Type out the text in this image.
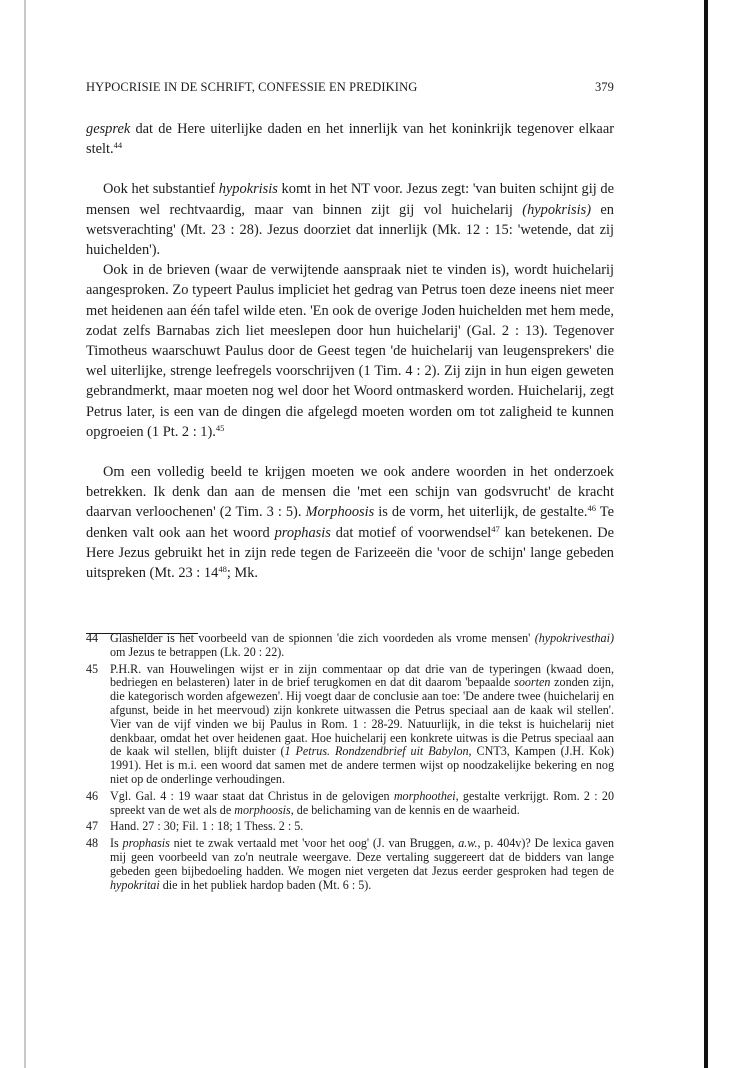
HYPOCRISIE IN DE SCHRIFT, CONFESSIE EN PREDIKING	379

gesprek dat de Here uiterlijke daden en het innerlijk van het koninkrijk tegenover elkaar stelt.$^{44}$

Ook het substantief hypokrisis komt in het NT voor. Jezus zegt: 'van buiten schijnt gij de mensen wel rechtvaardig, maar van binnen zijt gij vol huichelarij (hypokrisis) en wetsverachting' (Mt. 23 : 28). Jezus doorziet dat innerlijk (Mk. 12 : 15: 'wetende, dat zij huichelden').

Ook in de brieven (waar de verwijtende aanspraak niet te vinden is), wordt huichelarij aangesproken. Zo typeert Paulus impliciet het gedrag van Petrus toen deze ineens niet meer met heidenen aan één tafel wilde eten. 'En ook de overige Joden huichelden met hem mede, zodat zelfs Barnabas zich liet meeslepen door hun huichelarij' (Gal. 2 : 13). Tegenover Timotheus waarschuwt Paulus door de Geest tegen 'de huichelarij van leugensprekers' die wel uiterlijke, strenge leefregels voorschrijven (1 Tim. 4 : 2). Zij zijn in hun eigen geweten gebrandmerkt, maar moeten nog wel door het Woord ontmaskerd worden. Huichelarij, zegt Petrus later, is een van de dingen die afgelegd moeten worden om tot zaligheid te kunnen opgroeien (1 Pt. 2 : 1).$^{45}$

Om een volledig beeld te krijgen moeten we ook andere woorden in het onderzoek betrekken. Ik denk dan aan de mensen die 'met een schijn van godsvrucht' de kracht daarvan verloochenen' (2 Tim. 3 : 5). Morphoosis is de vorm, het uiterlijk, de gestalte.$^{46}$ Te denken valt ook aan het woord prophasis dat motief of voorwendsel$^{47}$ kan betekenen. De Here Jezus gebruikt het in zijn rede tegen de Farizeeën die 'voor de schijn' lange gebeden uitspreken (Mt. 23 : $14^{48}$; Mk.

44 Glashelder is het voorbeeld van de spionnen 'die zich voordeden als vrome mensen' (hypokrivesthai) om Jezus te betrappen (Lk. 20 : 22).
45 P.H.R. van Houwelingen wijst er in zijn commentaar op dat drie van de typeringen (kwaad doen, bedriegen en belasteren) later in de brief terugkomen en dat dit daarom 'bepaalde soorten zonden zijn, die kategorisch worden afgewezen'. Hij voegt daar de conclusie aan toe: 'De andere twee (huichelarij en afgunst, beide in het meervoud) zijn konkrete uitwassen die Petrus speciaal aan de kaak wil stellen'. Vier van de vijf vinden we bij Paulus in Rom. 1 : 28-29. Natuurlijk, in die tekst is huichelarij niet denkbaar, omdat het over heidenen gaat. Hoe huichelarij een konkrete uitwas is die Petrus speciaal aan de kaak wil stellen, blijft duister (1 Petrus. Rondzendbrief uit Babylon, CNT3, Kampen (J.H. Kok) 1991). Het is m.i. een woord dat samen met de andere termen wijst op noodzakelijke bekering en nog niet op de onderlinge verhoudingen.
46 Vgl. Gal. 4 : 19 waar staat dat Christus in de gelovigen morphoothei, gestalte verkrijgt. Rom. 2 : 20 spreekt van de wet als de morphoosis, de belichaming van de kennis en de waarheid.
47 Hand. 27 : 30; Fil. 1 : 18; 1 Thess. 2 : 5.
48 Is prophasis niet te zwak vertaald met 'voor het oog' (J. van Bruggen, a.w., p. 404v)? De lexica gaven mij geen voorbeeld van zo'n neutrale weergave. Deze vertaling suggereert dat de bidders van lange gebeden geen bijbedoeling hadden. We mogen niet vergeten dat Jezus eerder gesproken had tegen de hypokritai die in het publiek hardop baden (Mt. 6 : 5).
